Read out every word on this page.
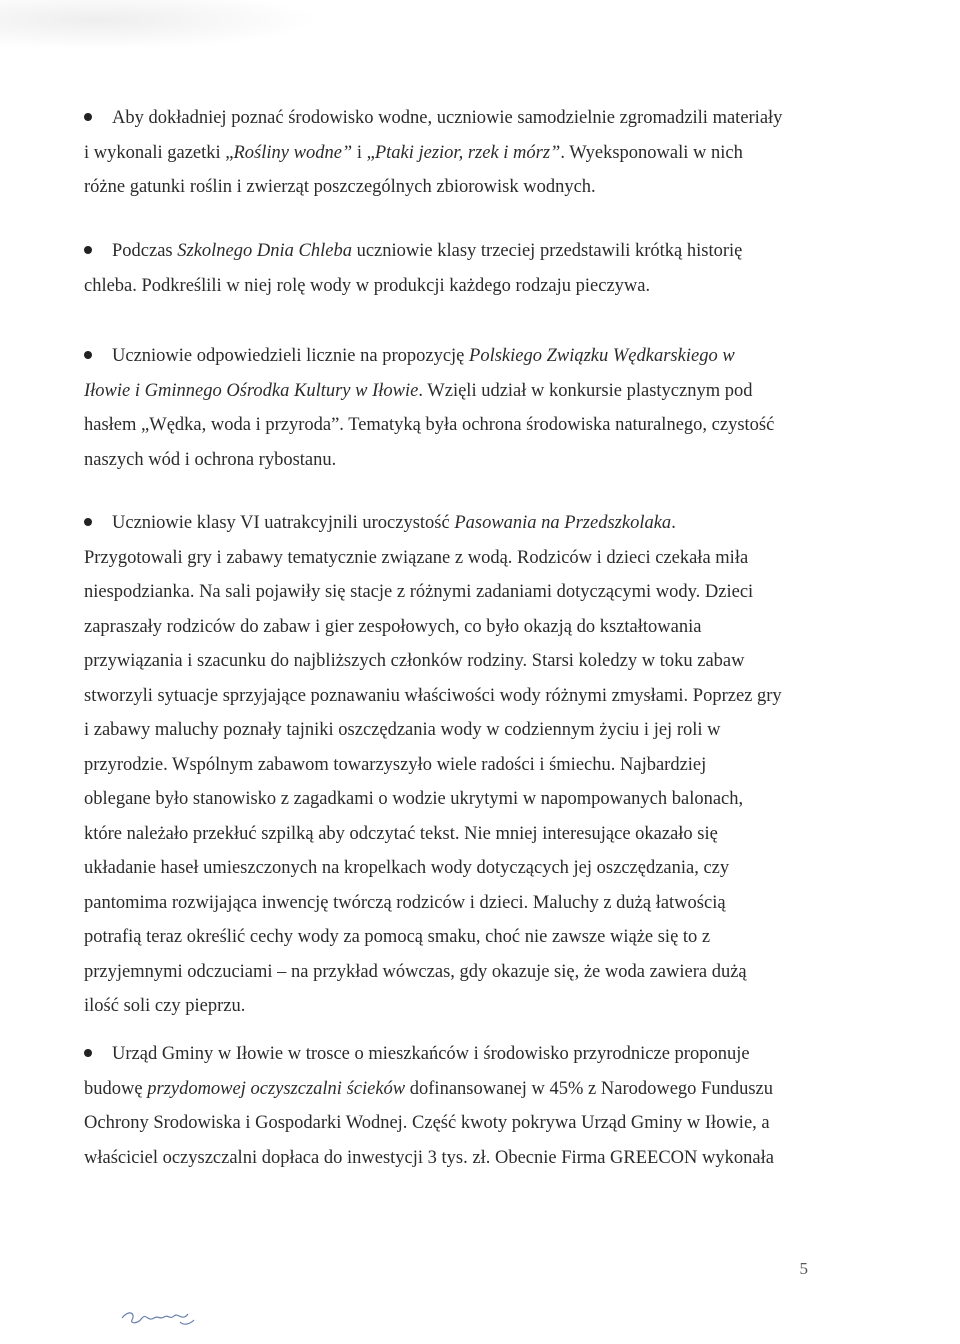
Aby dokładniej poznać środowisko wodne, uczniowie samodzielnie zgromadzili materiały
i wykonali gazetki „Rośliny wodne” i „Ptaki jezior, rzek i mórz”. Wyeksponowali w nich
różne gatunki roślin i zwierząt poszczególnych zbiorowisk wodnych.
Podczas Szkolnego Dnia Chleba uczniowie klasy trzeciej przedstawili krótką historię
chleba. Podkreślili w niej rolę wody w produkcji każdego rodzaju pieczywa.
Uczniowie odpowiedzieli licznie na propozycję Polskiego Związku Wędkarskiego w
Iłowie i Gminnego Ośrodka Kultury w Iłowie. Wzięli udział w konkursie plastycznym pod
hasłem „Wędka, woda i przyroda”. Tematyką była ochrona środowiska naturalnego, czystość
naszych wód i ochrona rybostanu.
Uczniowie klasy VI uatrakcyjnili uroczystość Pasowania na Przedszkolaka.
Przygotowali gry i zabawy tematycznie związane z wodą. Rodziców i dzieci czekała miła
niespodzianka. Na sali pojawiły się stacje z różnymi zadaniami dotyczącymi wody. Dzieci
zapraszały rodziców do zabaw i gier zespołowych, co było okazją do kształtowania
przywiązania i szacunku do najbliższych członków rodziny. Starsi koledzy w toku zabaw
stworzyli sytuacje sprzyjające poznawaniu właściwości wody różnymi zmysłami. Poprzez gry
i zabawy maluchy poznały tajniki oszczędzania wody w codziennym życiu i jej roli w
przyrodzie. Wspólnym zabawom towarzyszyło wiele radości i śmiechu. Najbardziej
oblegane było stanowisko z zagadkami o wodzie ukrytymi w napompowanych balonach,
które należało przekłuć szpilką aby odczytać tekst. Nie mniej interesujące okazało się
układanie haseł umieszczonych na kropelkach wody dotyczących jej oszczędzania, czy
pantomima rozwijająca inwencję twórczą rodziców i dzieci. Maluchy z dużą łatwością
potrafią teraz określić cechy wody za pomocą smaku, choć nie zawsze wiąże się to z
przyjemnymi odczuciami – na przykład wówczas, gdy okazuje się, że woda zawiera dużą
ilość soli czy pieprzu.
Urząd Gminy w Iłowie w trosce o mieszkańców i środowisko przyrodnicze proponuje
budowę przydomowej oczyszczalni ścieków dofinansowanej w 45% z Narodowego Funduszu
Ochrony Srodowiska i Gospodarki Wodnej. Część kwoty pokrywa Urząd Gminy w Iłowie, a
właściciel oczyszczalni dopłaca do inwestycji 3 tys. zł. Obecnie Firma GREECON wykonała
5
